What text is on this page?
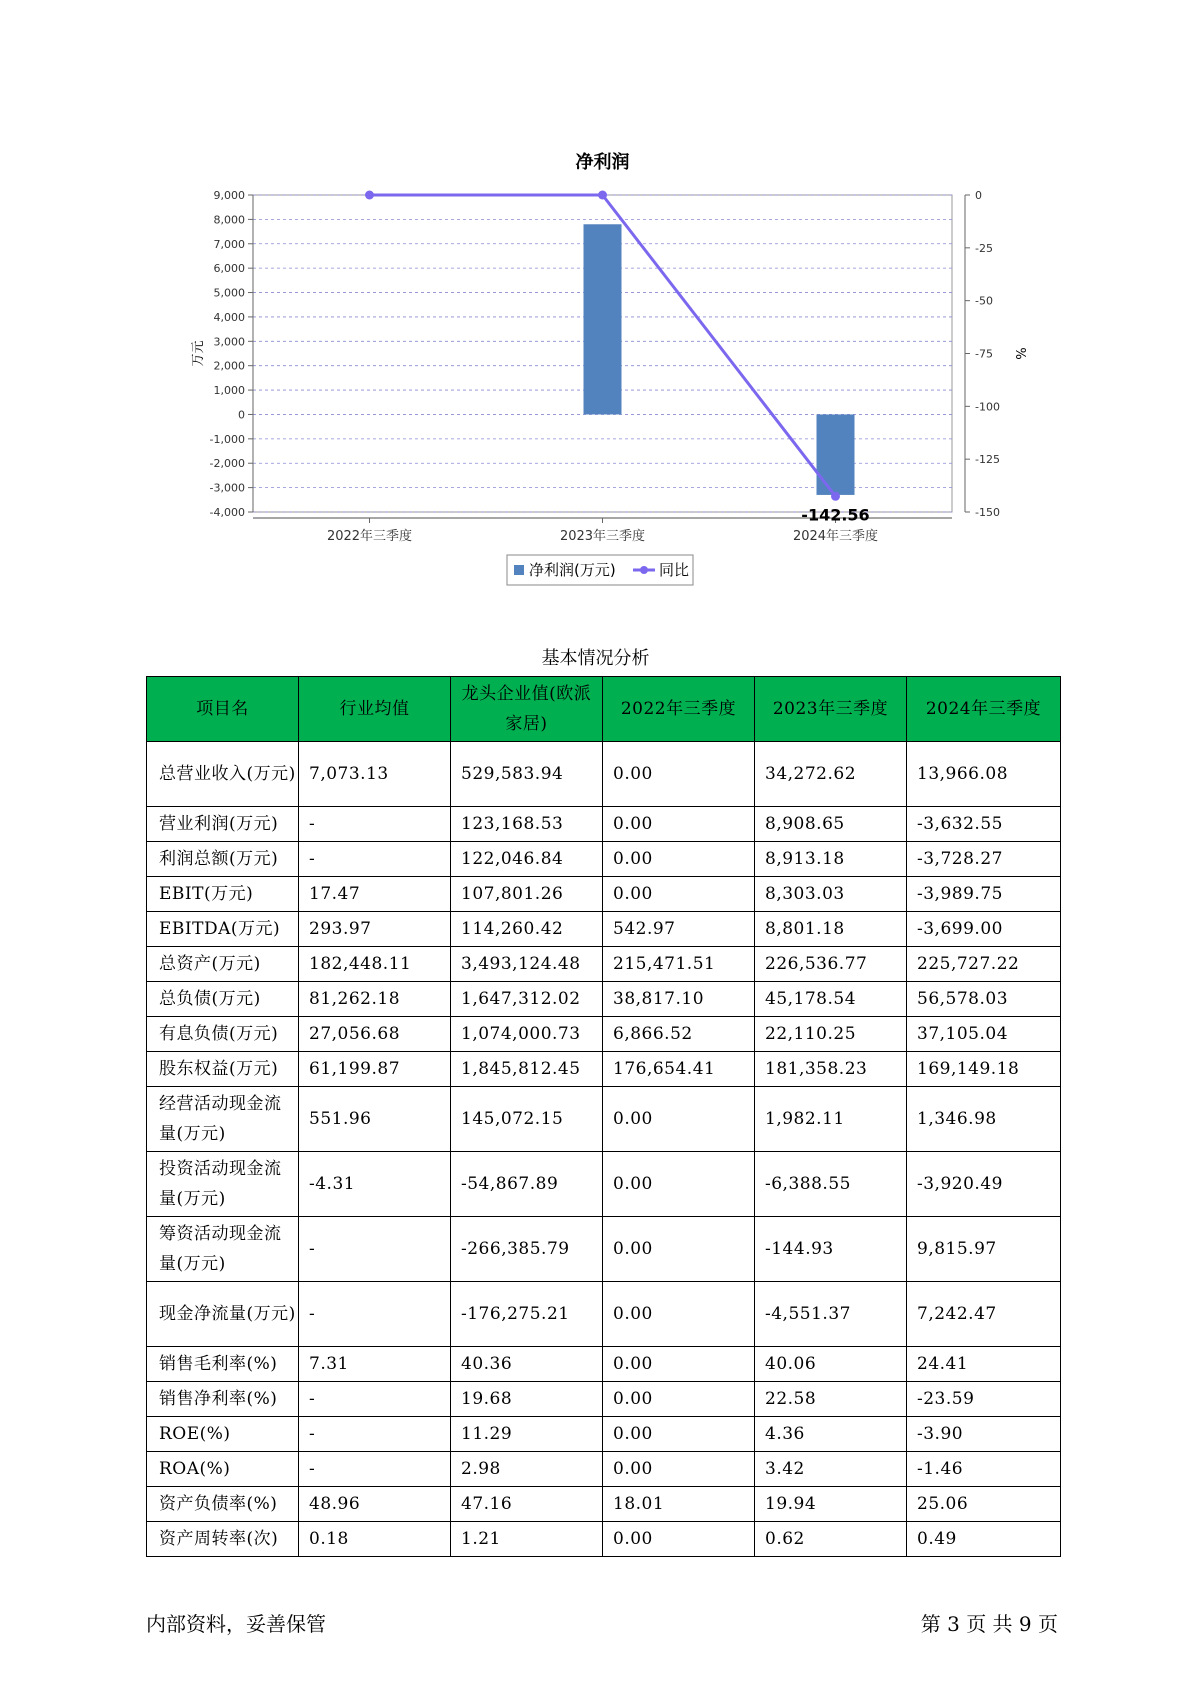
净利润
9,000
8,000
7,000
6,000
5,000
4,000
3,000
2,000
1,000
0
-1,000
-2,000
-3,000
-4,000
0
-25
-50
-75
-100
-125
-150
万元	%
2022年三季度	2023年三季度	2024年三季度
-142.56
净利润(万元)	同比
基本情况分析
项目名	行业均值	龙头企业值(欧派家居)	2022年三季度	2023年三季度	2024年三季度
总营业收入(万元)	7,073.13	529,583.94	0.00	34,272.62	13,966.08
营业利润(万元)	-	123,168.53	0.00	8,908.65	-3,632.55
利润总额(万元)	-	122,046.84	0.00	8,913.18	-3,728.27
EBIT(万元)	17.47	107,801.26	0.00	8,303.03	-3,989.75
EBITDA(万元)	293.97	114,260.42	542.97	8,801.18	-3,699.00
总资产(万元)	182,448.11	3,493,124.48	215,471.51	226,536.77	225,727.22
总负债(万元)	81,262.18	1,647,312.02	38,817.10	45,178.54	56,578.03
有息负债(万元)	27,056.68	1,074,000.73	6,866.52	22,110.25	37,105.04
股东权益(万元)	61,199.87	1,845,812.45	176,654.41	181,358.23	169,149.18
经营活动现金流量(万元)	551.96	145,072.15	0.00	1,982.11	1,346.98
投资活动现金流量(万元)	-4.31	-54,867.89	0.00	-6,388.55	-3,920.49
筹资活动现金流量(万元)	-	-266,385.79	0.00	-144.93	9,815.97
现金净流量(万元)	-	-176,275.21	0.00	-4,551.37	7,242.47
销售毛利率(%)	7.31	40.36	0.00	40.06	24.41
销售净利率(%)	-	19.68	0.00	22.58	-23.59
ROE(%)	-	11.29	0.00	4.36	-3.90
ROA(%)	-	2.98	0.00	3.42	-1.46
资产负债率(%)	48.96	47.16	18.01	19.94	25.06
资产周转率(次)	0.18	1.21	0.00	0.62	0.49
内部资料，妥善保管	第 3 页 共 9 页
